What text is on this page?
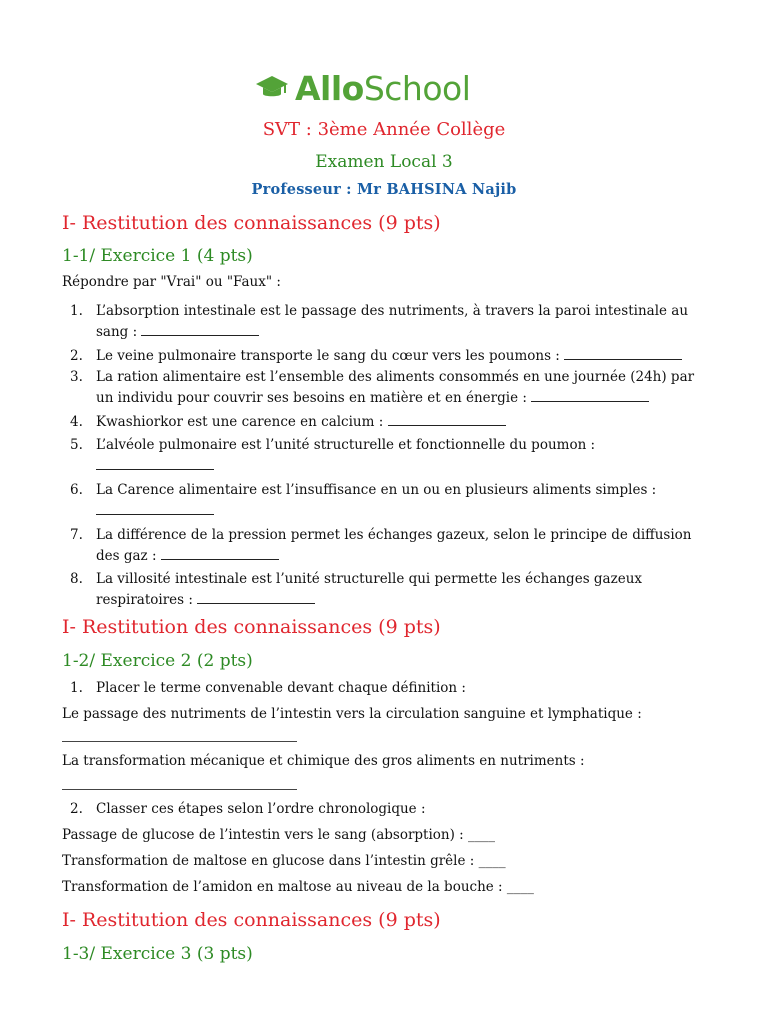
AlloSchool
SVT : 3ème Année Collège
Examen Local 3
Professeur : Mr BAHSINA Najib
I- Restitution des connaissances (9 pts)
1-1/ Exercice 1 (4 pts)
Répondre par "Vrai" ou "Faux" :
1. L’absorption intestinale est le passage des nutriments, à travers la paroi intestinale au
sang :
2. Le veine pulmonaire transporte le sang du cœur vers les poumons :
3. La ration alimentaire est l’ensemble des aliments consommés en une journée (24h) par
un individu pour couvrir ses besoins en matière et en énergie :
4. Kwashiorkor est une carence en calcium :
5. L’alvéole pulmonaire est l’unité structurelle et fonctionnelle du poumon :
6. La Carence alimentaire est l’insuffisance en un ou en plusieurs aliments simples :
7. La différence de la pression permet les échanges gazeux, selon le principe de diffusion
des gaz :
8. La villosité intestinale est l’unité structurelle qui permette les échanges gazeux
respiratoires :
I- Restitution des connaissances (9 pts)
1-2/ Exercice 2 (2 pts)
1. Placer le terme convenable devant chaque définition :
Le passage des nutriments de l’intestin vers la circulation sanguine et lymphatique :
La transformation mécanique et chimique des gros aliments en nutriments :
2. Classer ces étapes selon l’ordre chronologique :
Passage de glucose de l’intestin vers le sang (absorption) : ____
Transformation de maltose en glucose dans l’intestin grêle : ____
Transformation de l’amidon en maltose au niveau de la bouche : ____
I- Restitution des connaissances (9 pts)
1-3/ Exercice 3 (3 pts)
